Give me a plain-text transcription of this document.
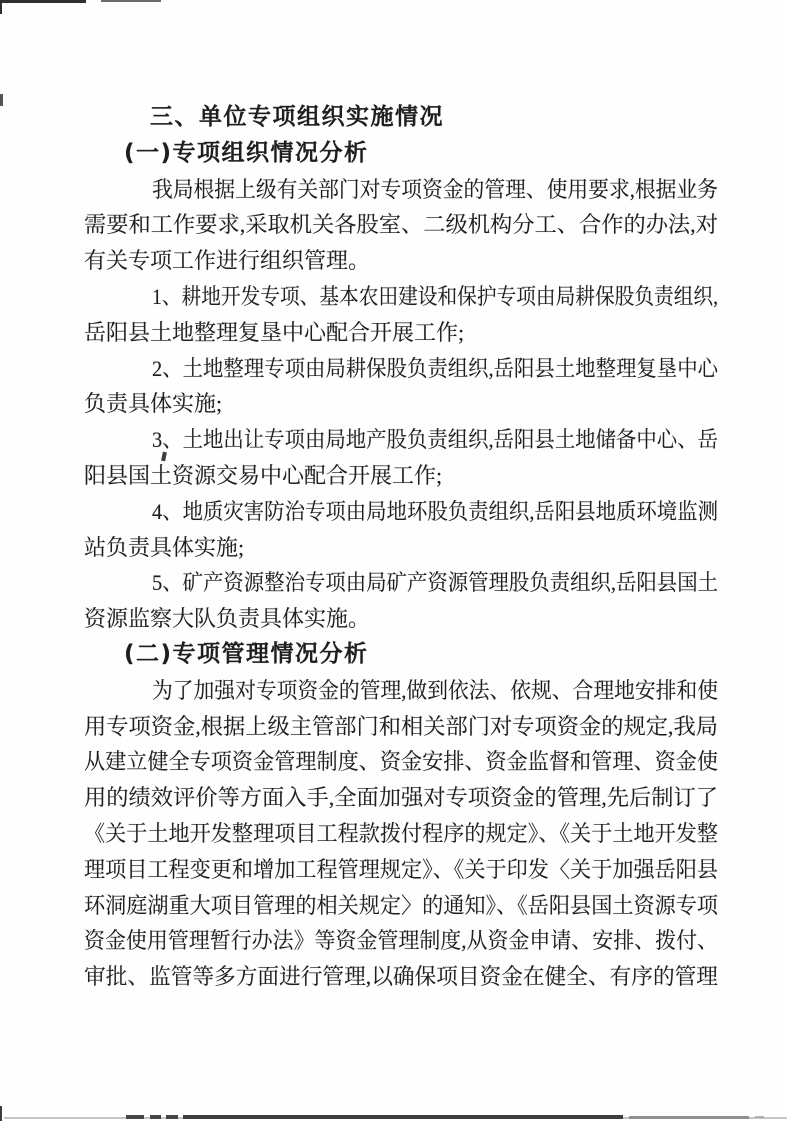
三、单位专项组织实施情况
(一)专项组织情况分析
我局根据上级有关部门对专项资金的管理、使用要求,根据业务
需要和工作要求,采取机关各股室、二级机构分工、合作的办法,对
有关专项工作进行组织管理。
1、耕地开发专项、基本农田建设和保护专项由局耕保股负责组织,
岳阳县土地整理复垦中心配合开展工作;
2、土地整理专项由局耕保股负责组织,岳阳县土地整理复垦中心
负责具体实施;
3、土地出让专项由局地产股负责组织,岳阳县土地储备中心、岳
阳县国土资源交易中心配合开展工作;
4、地质灾害防治专项由局地环股负责组织,岳阳县地质环境监测
站负责具体实施;
5、矿产资源整治专项由局矿产资源管理股负责组织,岳阳县国土
资源监察大队负责具体实施。
(二)专项管理情况分析
为了加强对专项资金的管理,做到依法、依规、合理地安排和使
用专项资金,根据上级主管部门和相关部门对专项资金的规定,我局
从建立健全专项资金管理制度、资金安排、资金监督和管理、资金使
用的绩效评价等方面入手,全面加强对专项资金的管理,先后制订了
《关于土地开发整理项目工程款拨付程序的规定》、《关于土地开发整
理项目工程变更和增加工程管理规定》、《关于印发〈关于加强岳阳县
环洞庭湖重大项目管理的相关规定〉的通知》、《岳阳县国土资源专项
资金使用管理暂行办法》等资金管理制度,从资金申请、安排、拨付、
审批、监管等多方面进行管理,以确保项目资金在健全、有序的管理
